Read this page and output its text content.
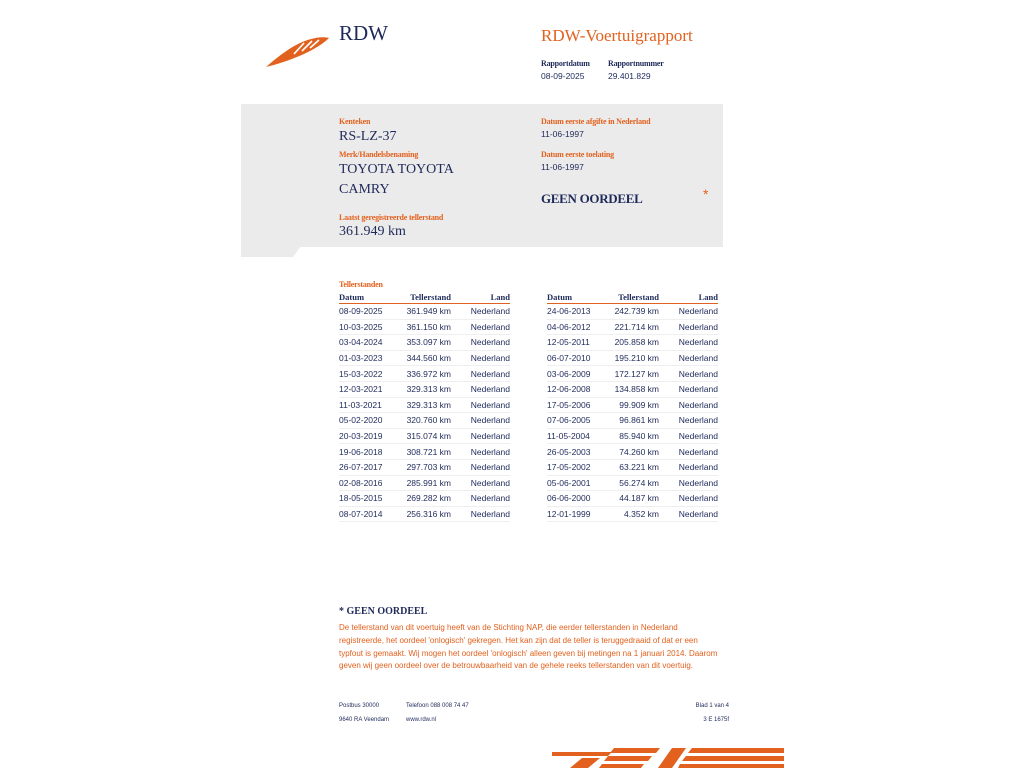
RDW	RDW-Voertuigrapport
Rapportdatum
08-09-2025
Rapportnummer
29.401.829
Kenteken
RS-LZ-37
Merk/Handelsbenaming
TOYOTA TOYOTA
CAMRY
Laatst geregistreerde tellerstand
361.949 km
Datum eerste afgifte in Nederland
11-06-1997
Datum eerste toelating
11-06-1997
GEEN OORDEEL	*
Tellerstanden
Datum	Tellerstand	Land
08-09-2025	361.949 km	Nederland
10-03-2025	361.150 km	Nederland
03-04-2024	353.097 km	Nederland
01-03-2023	344.560 km	Nederland
15-03-2022	336.972 km	Nederland
12-03-2021	329.313 km	Nederland
11-03-2021	329.313 km	Nederland
05-02-2020	320.760 km	Nederland
20-03-2019	315.074 km	Nederland
19-06-2018	308.721 km	Nederland
26-07-2017	297.703 km	Nederland
02-08-2016	285.991 km	Nederland
18-05-2015	269.282 km	Nederland
08-07-2014	256.316 km	Nederland
Datum	Tellerstand	Land
24-06-2013	242.739 km	Nederland
04-06-2012	221.714 km	Nederland
12-05-2011	205.858 km	Nederland
06-07-2010	195.210 km	Nederland
03-06-2009	172.127 km	Nederland
12-06-2008	134.858 km	Nederland
17-05-2006	99.909 km	Nederland
07-06-2005	96.861 km	Nederland
11-05-2004	85.940 km	Nederland
26-05-2003	74.260 km	Nederland
17-05-2002	63.221 km	Nederland
05-06-2001	56.274 km	Nederland
06-06-2000	44.187 km	Nederland
12-01-1999	4.352 km	Nederland
* GEEN OORDEEL
De tellerstand van dit voertuig heeft van de Stichting NAP, die eerder tellerstanden in Nederland
registreerde, het oordeel 'onlogisch' gekregen. Het kan zijn dat de teller is teruggedraaid of dat er een
typfout is gemaakt. Wij mogen het oordeel 'onlogisch' alleen geven bij metingen na 1 januari 2014. Daarom
geven wij geen oordeel over de betrouwbaarheid van de gehele reeks tellerstanden van dit voertuig.
Postbus 30000
9640 RA Veendam
Telefoon 088 008 74 47
www.rdw.nl
Blad 1 van 4
3 E 1675f
